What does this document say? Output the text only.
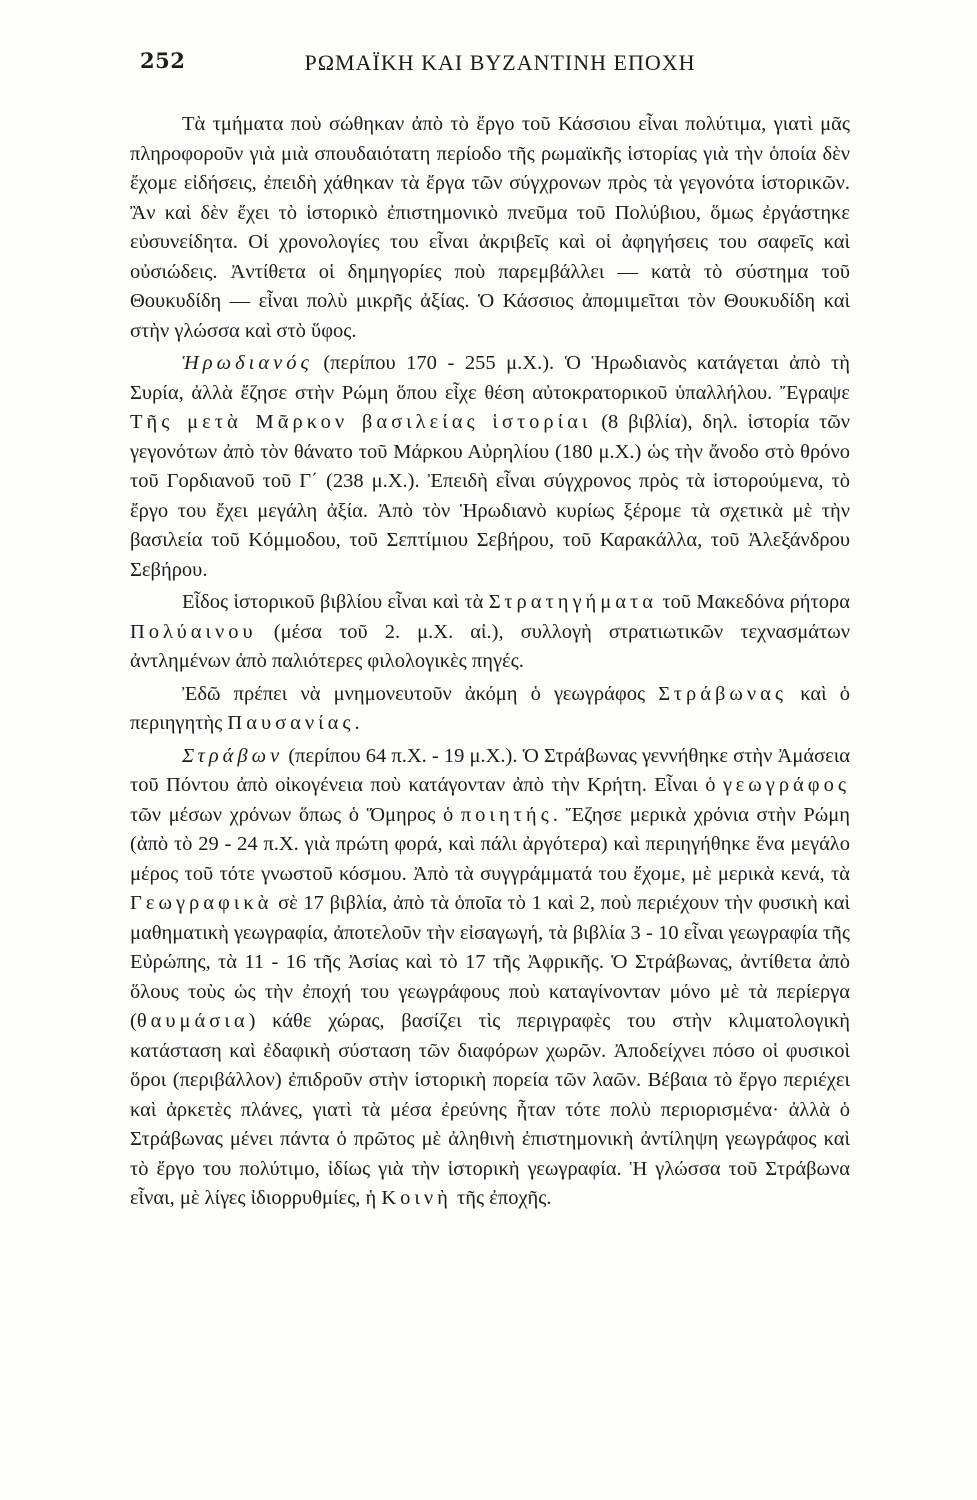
252	ΡΩΜΑΪΚΗ ΚΑΙ ΒΥΖΑΝΤΙΝΗ ΕΠΟΧΗ

Τὰ τμήματα ποὺ σώθηκαν ἀπὸ τὸ ἔργο τοῦ Κάσσιου εἶναι πολύτιμα, γιατὶ μᾶς πληροφοροῦν γιὰ μιὰ σπουδαιότατη περίοδο τῆς ρωμαϊκῆς ἱστορίας γιὰ τὴν ὁποία δὲν ἔχομε εἰδήσεις, ἐπειδὴ χάθηκαν τὰ ἔργα τῶν σύγχρονων πρὸς τὰ γεγονότα ἱστορικῶν. Ἂν καὶ δὲν ἔχει τὸ ἱστορικὸ ἐπιστημονικὸ πνεῦμα τοῦ Πολύβιου, ὅμως ἐργάστηκε εὐσυνείδητα. Οἱ χρονολογίες του εἶναι ἀκριβεῖς καὶ οἱ ἀφηγήσεις του σαφεῖς καὶ οὐσιώδεις. Ἀντίθετα οἱ δημηγορίες ποὺ παρεμβάλλει — κατὰ τὸ σύστημα τοῦ Θουκυδίδη — εἶναι πολὺ μικρῆς ἀξίας. Ὁ Κάσσιος ἀπομιμεῖται τὸν Θουκυδίδη καὶ στὴν γλώσσα καὶ στὸ ὕφος.

Ἡρωδιανός (περίπου 170 - 255 μ.Χ.). Ὁ Ἡρωδιανὸς κατάγεται ἀπὸ τὴ Συρία, ἀλλὰ ἔζησε στὴν Ρώμη ὅπου εἶχε θέση αὐτοκρατορικοῦ ὑπαλλήλου. Ἔγραψε Τῆς μετὰ Μᾶρκον βασιλείας ἱστορίαι (8 βιβλία), δηλ. ἱστορία τῶν γεγονότων ἀπὸ τὸν θάνατο τοῦ Μάρκου Αὐρηλίου (180 μ.Χ.) ὡς τὴν ἄνοδο στὸ θρόνο τοῦ Γορδιανοῦ τοῦ Γ΄ (238 μ.Χ.). Ἐπειδὴ εἶναι σύγχρονος πρὸς τὰ ἱστορούμενα, τὸ ἔργο του ἔχει μεγάλη ἀξία. Ἀπὸ τὸν Ἡρωδιανὸ κυρίως ξέρομε τὰ σχετικὰ μὲ τὴν βασιλεία τοῦ Κόμμοδου, τοῦ Σεπτίμιου Σεβήρου, τοῦ Καρακάλλα, τοῦ Ἀλεξάνδρου Σεβήρου.

Εἶδος ἱστορικοῦ βιβλίου εἶναι καὶ τὰ Στρατηγήματα τοῦ Μακεδόνα ρήτορα Πολύαινου (μέσα τοῦ 2. μ.Χ. αἰ.), συλλογὴ στρατιωτικῶν τεχνασμάτων ἀντλημένων ἀπὸ παλιότερες φιλολογικὲς πηγές.

Ἐδῶ πρέπει νὰ μνημονευτοῦν ἀκόμη ὁ γεωγράφος Στράβωνας καὶ ὁ περιηγητὴς Παυσανίας.

Στράβων (περίπου 64 π.Χ. - 19 μ.Χ.). Ὁ Στράβωνας γεννήθηκε στὴν Ἀμάσεια τοῦ Πόντου ἀπὸ οἰκογένεια ποὺ κατάγονταν ἀπὸ τὴν Κρήτη. Εἶναι ὁ γεωγράφος τῶν μέσων χρόνων ὅπως ὁ Ὅμηρος ὁ ποιητής. Ἔζησε μερικὰ χρόνια στὴν Ρώμη (ἀπὸ τὸ 29 - 24 π.Χ. γιὰ πρώτη φορά, καὶ πάλι ἀργότερα) καὶ περιηγήθηκε ἕνα μεγάλο μέρος τοῦ τότε γνωστοῦ κόσμου. Ἀπὸ τὰ συγγράμματά του ἔχομε, μὲ μερικὰ κενά, τὰ Γεωγραφικὰ σὲ 17 βιβλία, ἀπὸ τὰ ὁποῖα τὸ 1 καὶ 2, ποὺ περιέχουν τὴν φυσικὴ καὶ μαθηματικὴ γεωγραφία, ἀποτελοῦν τὴν εἰσαγωγή, τὰ βιβλία 3 - 10 εἶναι γεωγραφία τῆς Εὐρώπης, τὰ 11 - 16 τῆς Ἀσίας καὶ τὸ 17 τῆς Ἀφρικῆς. Ὁ Στράβωνας, ἀντίθετα ἀπὸ ὅλους τοὺς ὡς τὴν ἐποχή του γεωγράφους ποὺ καταγίνονταν μόνο μὲ τὰ περίεργα (θαυμάσια) κάθε χώρας, βασίζει τὶς περιγραφὲς του στὴν κλιματολογικὴ κατάσταση καὶ ἐδαφικὴ σύσταση τῶν διαφόρων χωρῶν. Ἀποδείχνει πόσο οἱ φυσικοὶ ὅροι (περιβάλλον) ἐπιδροῦν στὴν ἱστορικὴ πορεία τῶν λαῶν. Βέβαια τὸ ἔργο περιέχει καὶ ἀρκετὲς πλάνες, γιατὶ τὰ μέσα ἐρεύνης ἦταν τότε πολὺ περιορισμένα· ἀλλὰ ὁ Στράβωνας μένει πάντα ὁ πρῶτος μὲ ἀληθινὴ ἐπιστημονικὴ ἀντίληψη γεωγράφος καὶ τὸ ἔργο του πολύτιμο, ἰδίως γιὰ τὴν ἱστορικὴ γεωγραφία. Ἡ γλώσσα τοῦ Στράβωνα εἶναι, μὲ λίγες ἰδιορρυθμίες, ἡ Κοινὴ τῆς ἐποχῆς.
